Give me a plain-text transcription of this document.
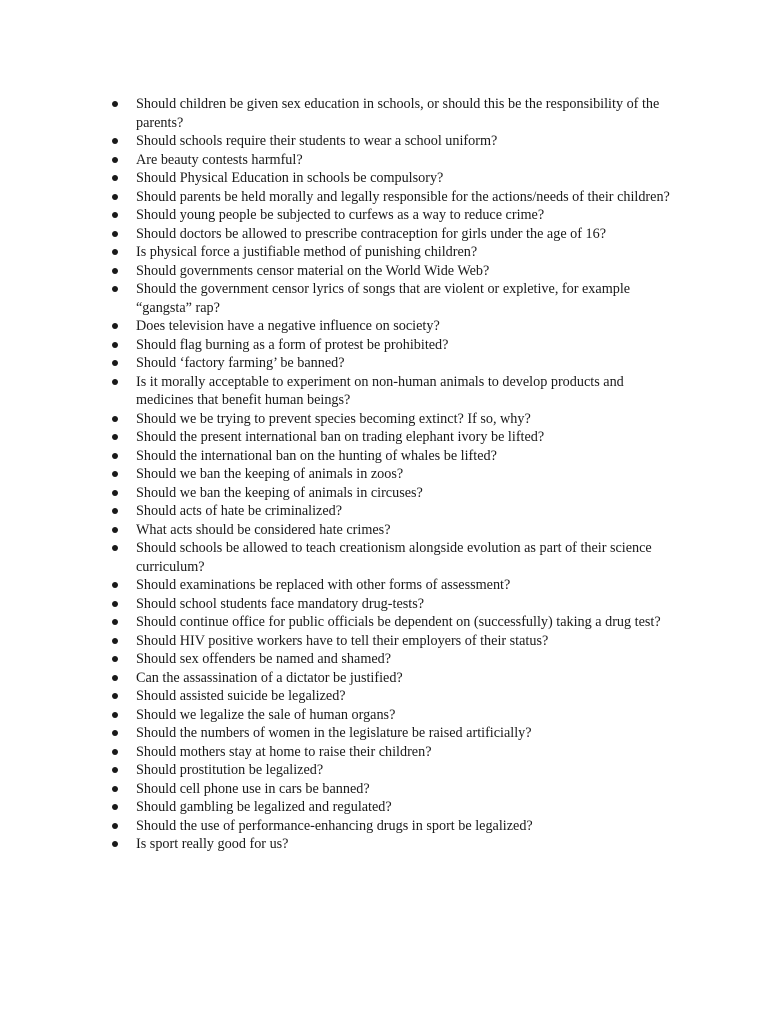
Should children be given sex education in schools, or should this be the responsibility of the parents?
Should schools require their students to wear a school uniform?
Are beauty contests harmful?
Should Physical Education in schools be compulsory?
Should parents be held morally and legally responsible for the actions/needs of their children?
Should young people be subjected to curfews as a way to reduce crime?
Should doctors be allowed to prescribe contraception for girls under the age of 16?
Is physical force a justifiable method of punishing children?
Should governments censor material on the World Wide Web?
Should the government censor lyrics of songs that are violent or expletive, for example “gangsta” rap?
Does television have a negative influence on society?
Should flag burning as a form of protest be prohibited?
Should ‘factory farming’ be banned?
Is it morally acceptable to experiment on non-human animals to develop products and medicines that benefit human beings?
Should we be trying to prevent species becoming extinct? If so, why?
Should the present international ban on trading elephant ivory be lifted?
Should the international ban on the hunting of whales be lifted?
Should we ban the keeping of animals in zoos?
Should we ban the keeping of animals in circuses?
Should acts of hate be criminalized?
What acts should be considered hate crimes?
Should schools be allowed to teach creationism alongside evolution as part of their science curriculum?
Should examinations be replaced with other forms of assessment?
Should school students face mandatory drug-tests?
Should continue office for public officials be dependent on (successfully) taking a drug test?
Should HIV positive workers have to tell their employers of their status?
Should sex offenders be named and shamed?
Can the assassination of a dictator be justified?
Should assisted suicide be legalized?
Should we legalize the sale of human organs?
Should the numbers of women in the legislature be raised artificially?
Should mothers stay at home to raise their children?
Should prostitution be legalized?
Should cell phone use in cars be banned?
Should gambling be legalized and regulated?
Should the use of performance-enhancing drugs in sport be legalized?
Is sport really good for us?
